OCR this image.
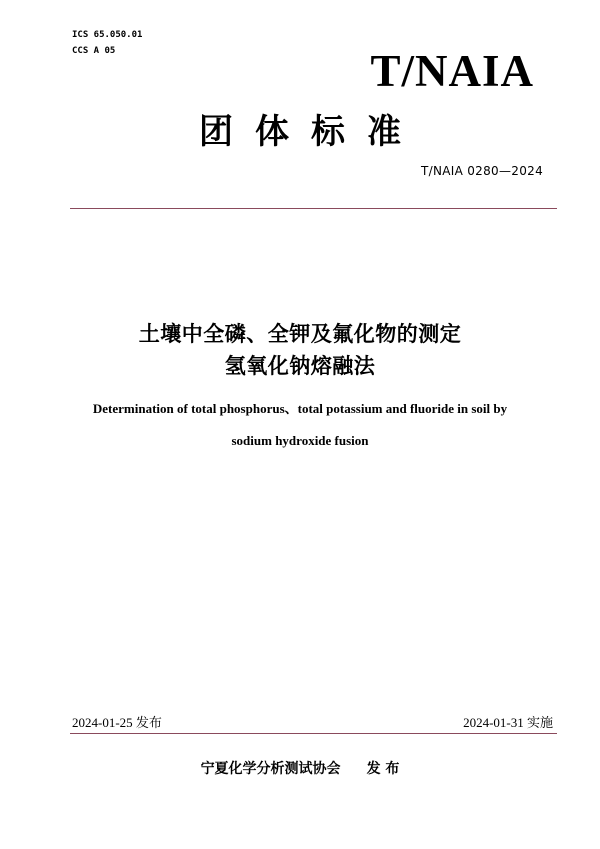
ICS 65.050.01
CCS A 05	T/NAIA
团体标准
T/NAIA 0280—2024
土壤中全磷、全钾及氟化物的测定
氢氧化钠熔融法
Determination of total phosphorus、total potassium and fluoride in soil by
sodium hydroxide fusion
2024-01-25 发布	2024-01-31 实施
宁夏化学分析测试协会 发 布
